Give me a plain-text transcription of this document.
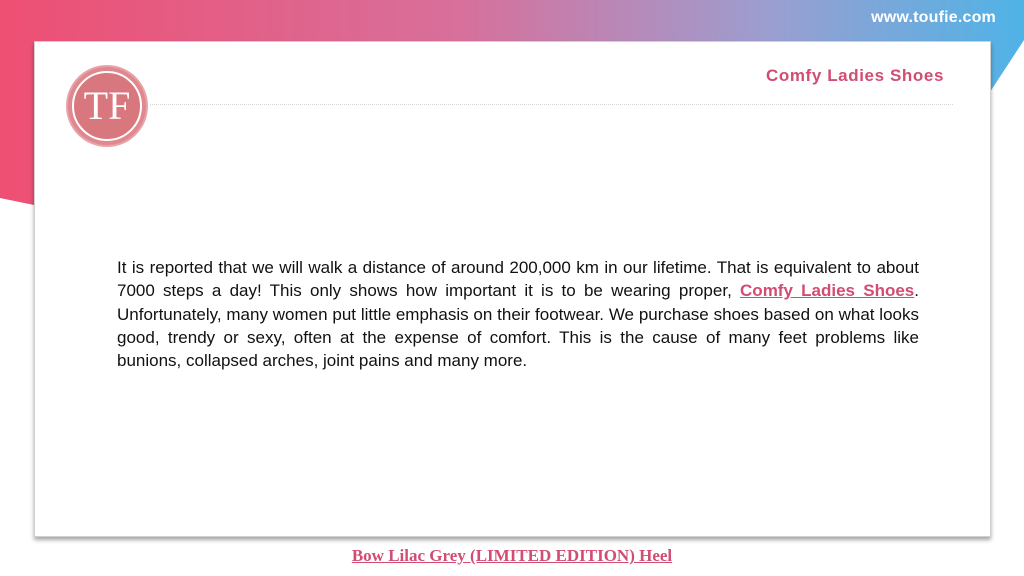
www.toufie.com
TF
Comfy Ladies Shoes

It is reported that we will walk a distance of around 200,000 km in our lifetime. That is equivalent to about 7000 steps a day! This only shows how important it is to be wearing proper, Comfy Ladies Shoes. Unfortunately, many women put little emphasis on their footwear. We purchase shoes based on what looks good, trendy or sexy, often at the expense of comfort. This is the cause of many feet problems like bunions, collapsed arches, joint pains and many more.

Bow Lilac Grey (LIMITED EDITION) Heel
